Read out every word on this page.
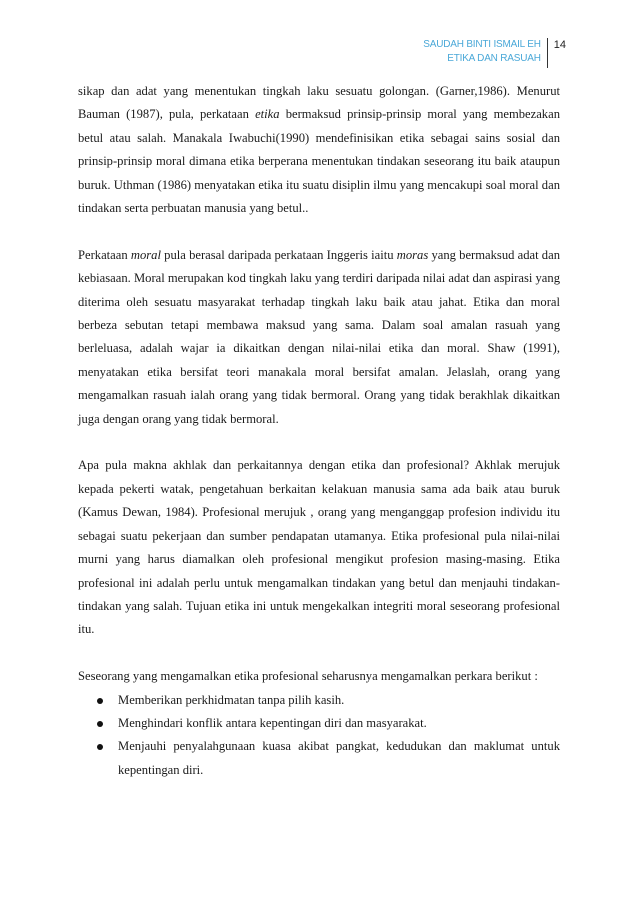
SAUDAH BINTI ISMAIL EH
ETIKA DAN RASUAH
14

sikap dan adat yang menentukan tingkah laku sesuatu golongan. (Garner,1986). Menurut Bauman (1987), pula, perkataan etika bermaksud prinsip-prinsip moral yang membezakan betul atau salah. Manakala Iwabuchi(1990) mendefinisikan etika sebagai sains sosial dan prinsip-prinsip moral dimana etika berperana menentukan tindakan seseorang itu baik ataupun buruk. Uthman (1986) menyatakan etika itu suatu disiplin ilmu yang mencakupi soal moral dan tindakan serta perbuatan manusia yang betul..

Perkataan moral pula berasal daripada perkataan Inggeris iaitu moras yang bermaksud adat dan kebiasaan. Moral merupakan kod tingkah laku yang terdiri daripada nilai adat dan aspirasi yang diterima oleh sesuatu masyarakat terhadap tingkah laku baik atau jahat. Etika dan moral berbeza sebutan tetapi membawa maksud yang sama. Dalam soal amalan rasuah yang berleluasa, adalah wajar ia dikaitkan dengan nilai-nilai etika dan moral. Shaw (1991), menyatakan etika bersifat teori manakala moral bersifat amalan. Jelaslah, orang yang mengamalkan rasuah ialah orang yang tidak bermoral. Orang yang tidak berakhlak dikaitkan juga dengan orang yang tidak bermoral.

Apa pula makna akhlak dan perkaitannya dengan etika dan profesional? Akhlak merujuk kepada pekerti watak, pengetahuan berkaitan kelakuan manusia sama ada baik atau buruk (Kamus Dewan, 1984). Profesional merujuk , orang yang menganggap profesion individu itu sebagai suatu pekerjaan dan sumber pendapatan utamanya. Etika profesional pula nilai-nilai murni yang harus diamalkan oleh profesional mengikut profesion masing-masing. Etika profesional ini adalah perlu untuk mengamalkan tindakan yang betul dan menjauhi tindakan-tindakan yang salah. Tujuan etika ini untuk mengekalkan integriti moral seseorang profesional itu.

Seseorang yang mengamalkan etika profesional seharusnya mengamalkan perkara berikut :

Memberikan perkhidmatan tanpa pilih kasih.
Menghindari konflik antara kepentingan diri dan masyarakat.
Menjauhi penyalahgunaan kuasa akibat pangkat, kedudukan dan maklumat untuk kepentingan diri.
